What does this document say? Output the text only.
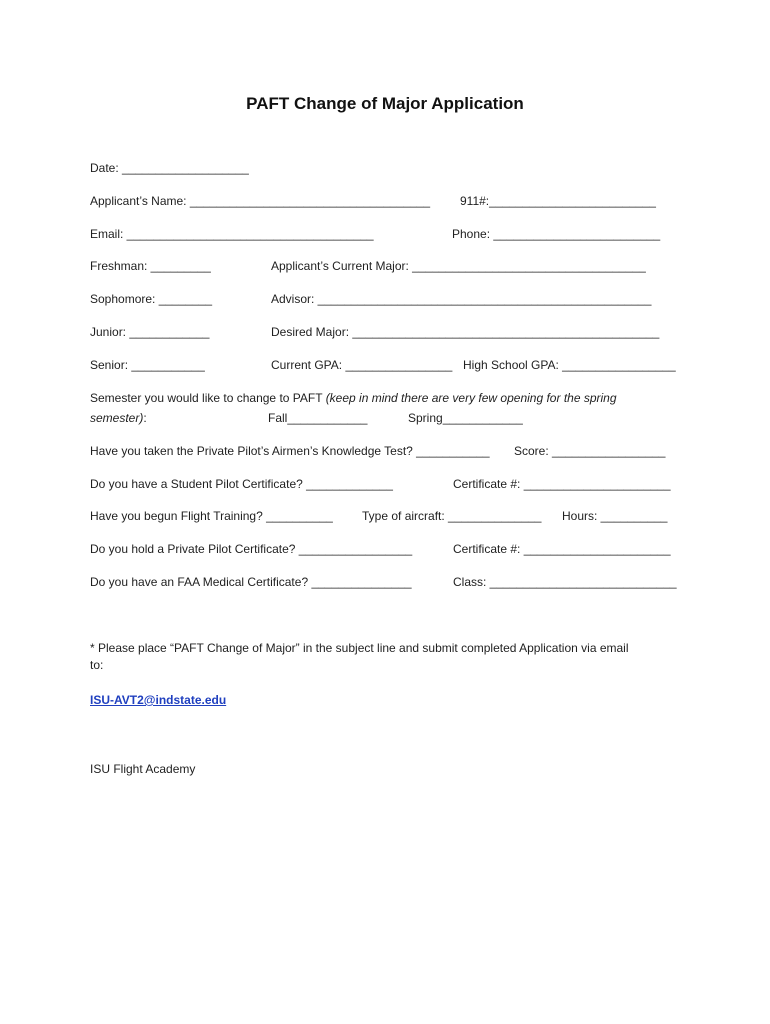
PAFT Change of Major Application
Date: ___________________
Applicant’s Name: ____________________________________ 911#:_________________________
Email: _____________________________________	Phone: _________________________
Freshman: _________	Applicant’s Current Major: ___________________________________
Sophomore: ________	Advisor: __________________________________________________
Junior: ____________	Desired Major: ______________________________________________
Senior: ___________	Current GPA: ________________ High School GPA: _________________
Semester you would like to change to PAFT (keep in mind there are very few opening for the spring
semester):	Fall____________	Spring____________
Have you taken the Private Pilot’s Airmen’s Knowledge Test? ___________ Score: _________________
Do you have a Student Pilot Certificate? _____________	Certificate #: ______________________
Have you begun Flight Training? __________ Type of aircraft: ______________ Hours: __________
Do you hold a Private Pilot Certificate? _________________	Certificate #: ______________________
Do you have an FAA Medical Certificate? _______________	Class: ____________________________
* Please place “PAFT Change of Major” in the subject line and submit completed Application via email
to:
ISU-AVT2@indstate.edu
ISU Flight Academy
